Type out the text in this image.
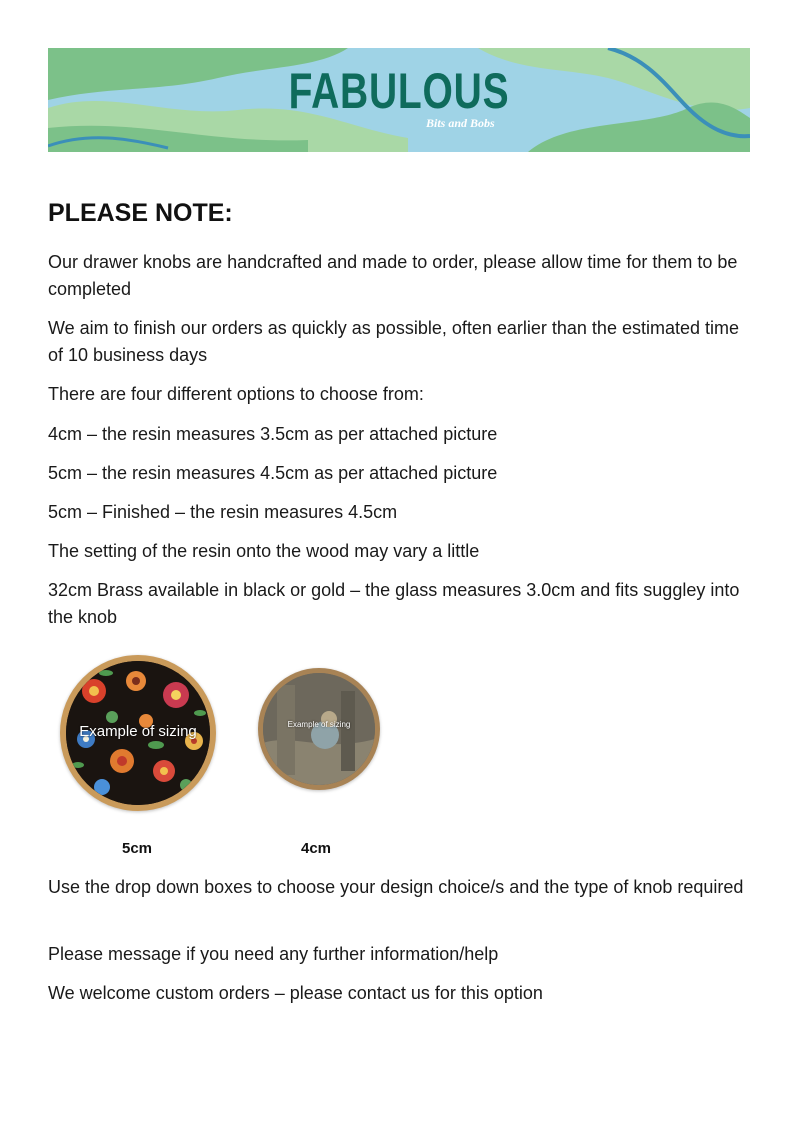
FABULOUS
Bits and Bobs
PLEASE NOTE:

Our drawer knobs are handcrafted and made to order, please allow time for them to be completed

We aim to finish our orders as quickly as possible, often earlier than the estimated time of 10 business days

There are four different options to choose from:

4cm – the resin measures 3.5cm as per attached picture

5cm – the resin measures 4.5cm as per attached picture

5cm – Finished – the resin measures 4.5cm

The setting of the resin onto the wood may vary a little

32cm Brass available in black or gold – the glass measures 3.0cm and fits suggley into the knob

Example of sizing	Example of sizing
5cm	4cm

Use the drop down boxes to choose your design choice/s and the type of knob required

Please message if you need any further information/help

We welcome custom orders – please contact us for this option
